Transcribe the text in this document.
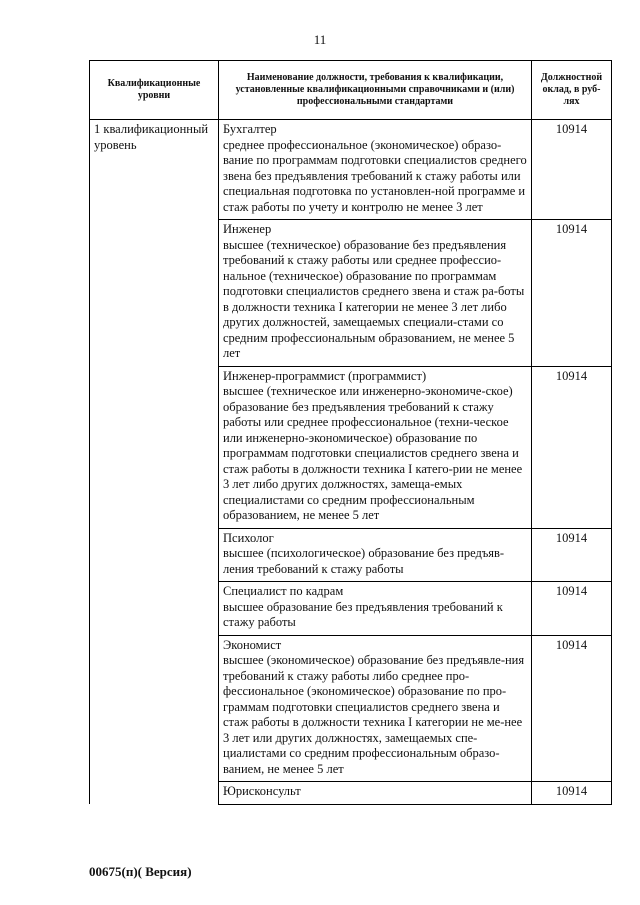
11
Квалификационные уровни	Наименование должности, требования к квалификации, установленные квалификационными справочниками и (или) профессиональными стандартами	Должностной оклад, в руб-лях
1 квалификационный уровень	Бухгалтер
среднее профессиональное (экономическое) образо-вание по программам подготовки специалистов среднего звена без предъявления требований к стажу работы или специальная подготовка по установлен-ной программе и стаж работы по учету и контролю не менее 3 лет	10914

	Инженер
высшее (техническое) образование без предъявления требований к стажу работы или среднее профессио-нальное (техническое) образование по программам подготовки специалистов среднего звена и стаж ра-боты в должности техника I категории не менее 3 лет либо других должностей, замещаемых специали-стами со средним профессиональным образованием, не менее 5 лет	10914

	Инженер-программист (программист)
высшее (техническое или инженерно-экономиче-ское) образование без предъявления требований к стажу работы или среднее профессиональное (техни-ческое или инженерно-экономическое) образование по программам подготовки специалистов среднего звена и стаж работы в должности техника I катего-рии не менее 3 лет либо других должностях, замеща-емых специалистами со средним профессиональным образованием, не менее 5 лет	10914

	Психолог
высшее (психологическое) образование без предъяв-ления требований к стажу работы	10914

	Специалист по кадрам
высшее образование без предъявления требований к стажу работы	10914

	Экономист
высшее (экономическое) образование без предъявле-ния требований к стажу работы либо среднее про-фессиональное (экономическое) образование по про-граммам подготовки специалистов среднего звена и стаж работы в должности техника I категории не ме-нее 3 лет или других должностях, замещаемых спе-циалистами со средним профессиональным образо-ванием, не менее 5 лет	10914

	Юрисконсульт	10914
00675(п)( Версия)
